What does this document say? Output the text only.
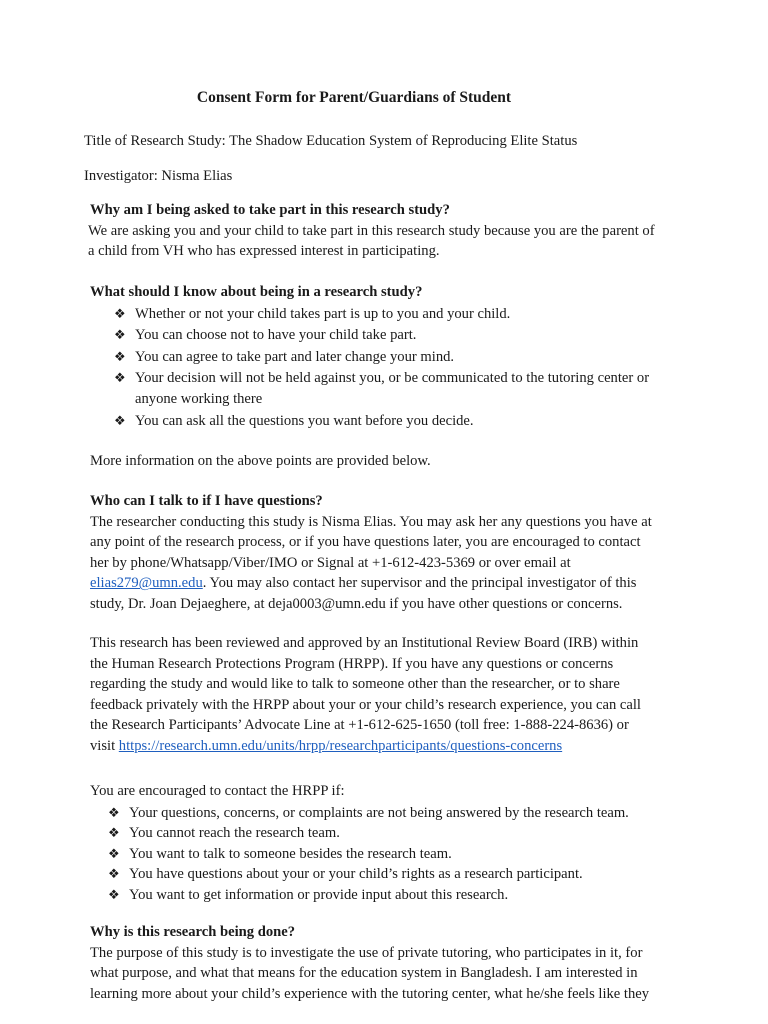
Consent Form for Parent/Guardians of Student
Title of Research Study: The Shadow Education System of Reproducing Elite Status
Investigator: Nisma Elias
Why am I being asked to take part in this research study?

We are asking you and your child to take part in this research study because you are the parent of

a child from VH who has expressed interest in participating.

What should I know about being in a research study?
❖ Whether or not your child takes part is up to you and your child.
❖ You can choose not to have your child take part.
❖ You can agree to take part and later change your mind.
❖ Your decision will not be held against you, or be communicated to the tutoring center or
anyone working there
❖ You can ask all the questions you want before you decide.
More information on the above points are provided below.
Who can I talk to if I have questions?

The researcher conducting this study is Nisma Elias. You may ask her any questions you have at

any point of the research process, or if you have questions later, you are encouraged to contact

her by phone/Whatsapp/Viber/IMO or Signal at +1-612-423-5369 or over email at

elias279@umn.edu. You may also contact her supervisor and the principal investigator of this

study, Dr. Joan Dejaeghere, at deja0003@umn.edu if you have other questions or concerns.

This research has been reviewed and approved by an Institutional Review Board (IRB) within

the Human Research Protections Program (HRPP). If you have any questions or concerns

regarding the study and would like to talk to someone other than the researcher, or to share

feedback privately with the HRPP about your or your child’s research experience, you can call

the Research Participants’ Advocate Line at +1-612-625-1650 (toll free: 1-888-224-8636) or

visit https://research.umn.edu/units/hrpp/researchparticipants/questions-concerns

You are encouraged to contact the HRPP if:

❖ Your questions, concerns, or complaints are not being answered by the research team.
❖ You cannot reach the research team.
❖ You want to talk to someone besides the research team.
❖ You have questions about your or your child’s rights as a research participant.
❖ You want to get information or provide input about this research.
Why is this research being done?

The purpose of this study is to investigate the use of private tutoring, who participates in it, for

what purpose, and what that means for the education system in Bangladesh. I am interested in

learning more about your child’s experience with the tutoring center, what he/she feels like they
